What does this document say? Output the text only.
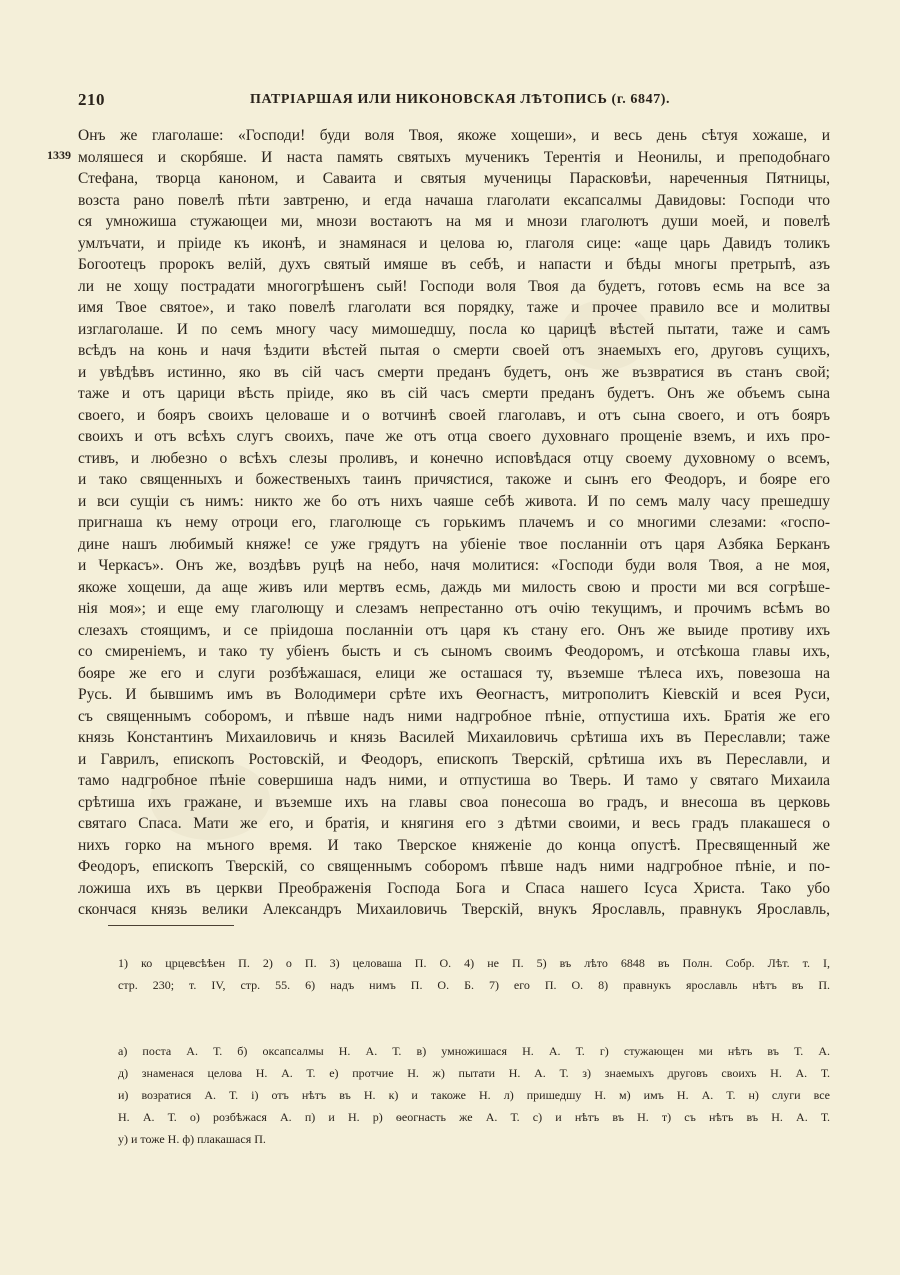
210	ПАТРІАРШАЯ ИЛИ НИКОНОВСКАЯ ЛѢТОПИСЬ (г. 6847).
1339
Онъ же глаголаше: «Господи! буди воля Твоя, якоже хощеши», и весь день сѣтуя хожаше, и
моляшеся и скорбяше. И наста память святыхъ мученикъ Терентія и Неонилы, и преподобнаго
Стефана, творца каноном, и Саваита и святыя мученицы Парасковѣи, нареченныя Пятницы,
возста рано повелѣ пѣти завтреню, и егда начаша глаголати ексапсалмы Давидовы: Господи что
ся умножиша стужающеи ми, мнози востаютъ на мя и мнози глаголютъ души моей, и повелѣ
умлъчати, и пріиде къ иконѣ, и знамянася и целова ю, глаголя сице: «аще царь Давидъ толикъ
Богоотецъ пророкъ велій, духъ святый имяше въ себѣ, и напасти и бѣды многы претрьпѣ, азъ
ли не хощу пострадати многогрѣшенъ сый! Господи воля Твоя да будетъ, готовъ есмь на все за
имя Твое святое», и тако повелѣ глаголати вся порядку, таже и прочее правило все и молитвы
изглаголаше. И по семъ многу часу мимошедшу, посла ко царицѣ вѣстей пытати, таже и самъ
всѣдъ на конь и начя ѣздити вѣстей пытая о смерти своей отъ знаемыхъ его, друговъ сущихъ,
и увѣдѣвъ истинно, яко въ сій часъ смерти преданъ будетъ, онъ же възвратися въ станъ свой;
таже и отъ царици вѣсть пріиде, яко въ сій часъ смерти преданъ будетъ. Онъ же объемъ сына
своего, и бояръ своихъ целоваше и о вотчинѣ своей глаголавъ, и отъ сына своего, и отъ бояръ
своихъ и отъ всѣхъ слугъ своихъ, паче же отъ отца своего духовнаго прощеніе вземъ, и ихъ про-
стивъ, и любезно о всѣхъ слезы проливъ, и конечно исповѣдася отцу своему духовному о всемъ,
и тако священныхъ и божественыхъ таинъ причястися, такоже и сынъ его Феодоръ, и бояре его
и вси сущіи съ нимъ: никто же бо отъ нихъ чаяше себѣ живота. И по семъ малу часу прешедшу
пригнаша къ нему отроци его, глаголюще съ горькимъ плачемъ и со многими слезами: «госпо-
дине нашъ любимый княже! се уже грядутъ на убіеніе твое посланніи отъ царя Азбяка Берканъ
и Черкасъ». Онъ же, воздѣвъ руцѣ на небо, начя молитися: «Господи буди воля Твоя, а не моя,
якоже хощеши, да аще живъ или мертвъ есмь, даждь ми милость свою и прости ми вся согрѣше-
нія моя»; и еще ему глаголющу и слезамъ непрестанно отъ очію текущимъ, и прочимъ всѣмъ во
слезахъ стоящимъ, и се пріидоша посланніи отъ царя къ стану его. Онъ же выиде противу ихъ
со смиреніемъ, и тако ту убіенъ бысть и съ сыномъ своимъ Феодоромъ, и отсѣкоша главы ихъ,
бояре же его и слуги розбѣжашася, елици же осташася ту, въземше тѣлеса ихъ, повезоша на
Русь. И бывшимъ имъ въ Володимери срѣте ихъ Ѳеогнастъ, митрополитъ Кіевскій и всея Руси,
съ священнымъ соборомъ, и пѣвше надъ ними надгробное пѣніе, отпустиша ихъ. Братія же его
князь Константинъ Михаиловичь и князь Василей Михаиловичь срѣтиша ихъ въ Переславли; таже
и Гаврилъ, епископъ Ростовскій, и Феодоръ, епископъ Тверскій, срѣтиша ихъ въ Переславли, и
тамо надгробное пѣніе совершиша надъ ними, и отпустиша во Тверь. И тамо у святаго Михаила
срѣтиша ихъ гражане, и въземше ихъ на главы своа понесоша во градъ, и внесоша въ церковь
святаго Спаса. Мати же его, и братія, и княгиня его з дѣтми своими, и весь градъ плакашеся о
нихъ горко на мъного время. И тако Тверское княженіе до конца опустѣ. Пресвященный же
Феодоръ, епископъ Тверскій, со священнымъ соборомъ пѣвше надъ ними надгробное пѣніе, и по-
ложиша ихъ въ церкви Преображенія Господа Бога и Спаса нашего Ісуса Христа. Тако убо
скончася князь велики Александръ Михаиловичь Тверскій, внукъ Ярославль, правнукъ Ярославль,
1) ко црцевсѣѣен П. 2) о П. 3) целоваша П. О. 4) не П. 5) въ лѣто 6848 въ Полн. Собр. Лѣт. т. I,
стр. 230; т. IV, стр. 55. 6) надъ нимъ П. О. Б. 7) его П. О. 8) правнукъ ярославль нѣтъ въ П.
а) поста А. Т. б) оксапсалмы Н. А. Т. в) умножишася Н. А. Т. г) стужающен ми нѣтъ въ Т. А.
д) знаменася целова Н. А. Т. е) протчие Н. ж) пытати Н. А. Т. з) знаемыхъ друговъ своихъ Н. А. Т.
и) возратися А. Т. і) отъ нѣтъ въ Н. к) и такоже Н. л) пришедшу Н. м) имъ Н. А. Т. н) слуги все
Н. А. Т. о) розбѣжася А. п) и Н. р) ѳеогнасть же А. Т. с) и нѣтъ въ Н. т) съ нѣтъ въ Н. А. Т.
у) и тоже Н. ф) плакашася П.
